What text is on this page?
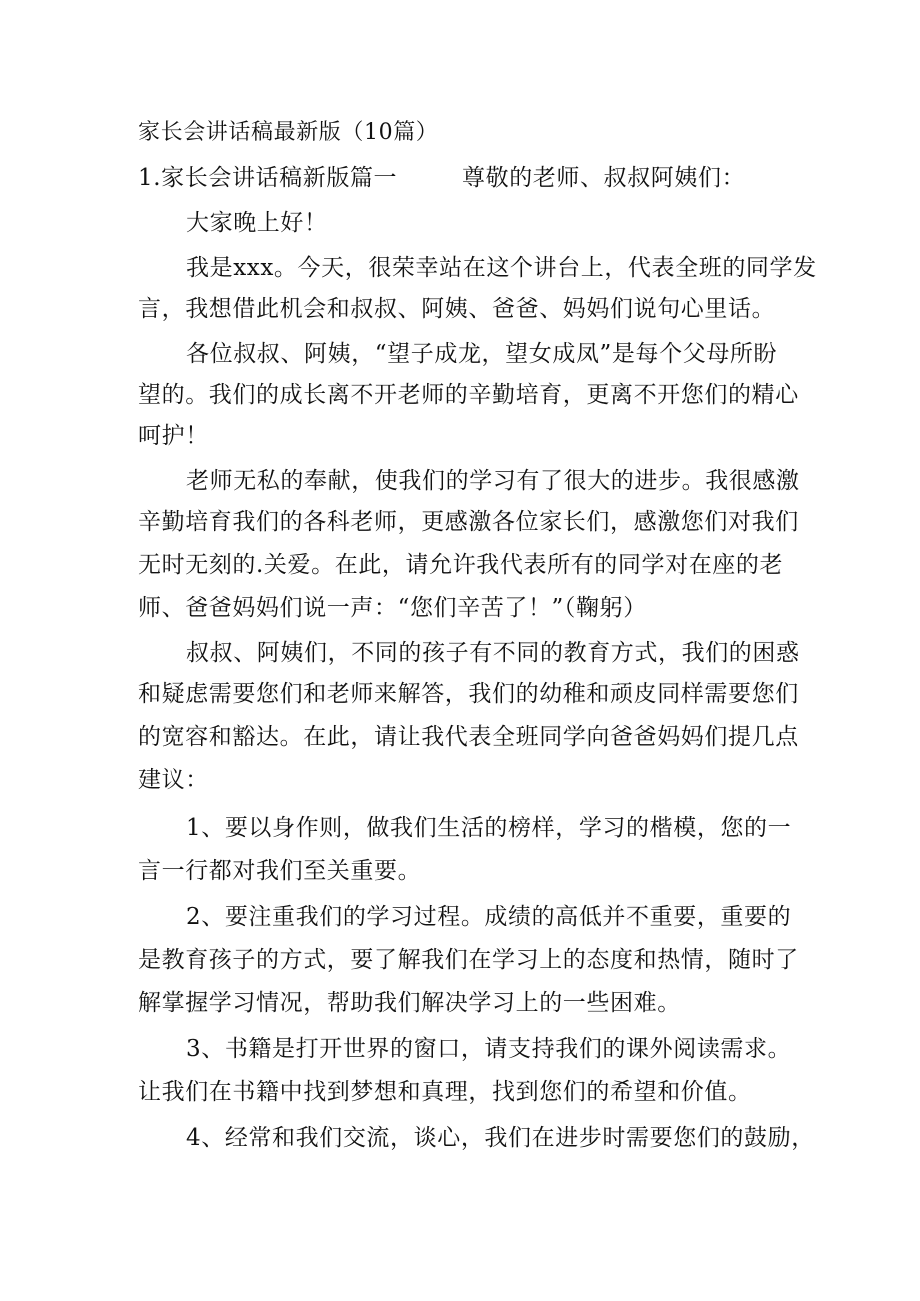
家长会讲话稿最新版（10篇）
1.家长会讲话稿新版篇一	尊敬的老师、叔叔阿姨们：
大家晚上好！
我是xxx。今天，很荣幸站在这个讲台上，代表全班的同学发
言，我想借此机会和叔叔、阿姨、爸爸、妈妈们说句心里话。
各位叔叔、阿姨，“望子成龙，望女成凤”是每个父母所盼
望的。我们的成长离不开老师的辛勤培育，更离不开您们的精心
呵护！
老师无私的奉献，使我们的学习有了很大的进步。我很感激
辛勤培育我们的各科老师，更感激各位家长们，感激您们对我们
无时无刻的.关爱。在此，请允许我代表所有的同学对在座的老
师、爸爸妈妈们说一声：“您们辛苦了！”（鞠躬）
叔叔、阿姨们，不同的孩子有不同的教育方式，我们的困惑
和疑虑需要您们和老师来解答，我们的幼稚和顽皮同样需要您们
的宽容和豁达。在此，请让我代表全班同学向爸爸妈妈们提几点
建议：
1、要以身作则，做我们生活的榜样，学习的楷模，您的一
言一行都对我们至关重要。
2、要注重我们的学习过程。成绩的高低并不重要，重要的
是教育孩子的方式，要了解我们在学习上的态度和热情，随时了
解掌握学习情况，帮助我们解决学习上的一些困难。
3、书籍是打开世界的窗口，请支持我们的课外阅读需求。
让我们在书籍中找到梦想和真理，找到您们的希望和价值。
4、经常和我们交流，谈心，我们在进步时需要您们的鼓励，
